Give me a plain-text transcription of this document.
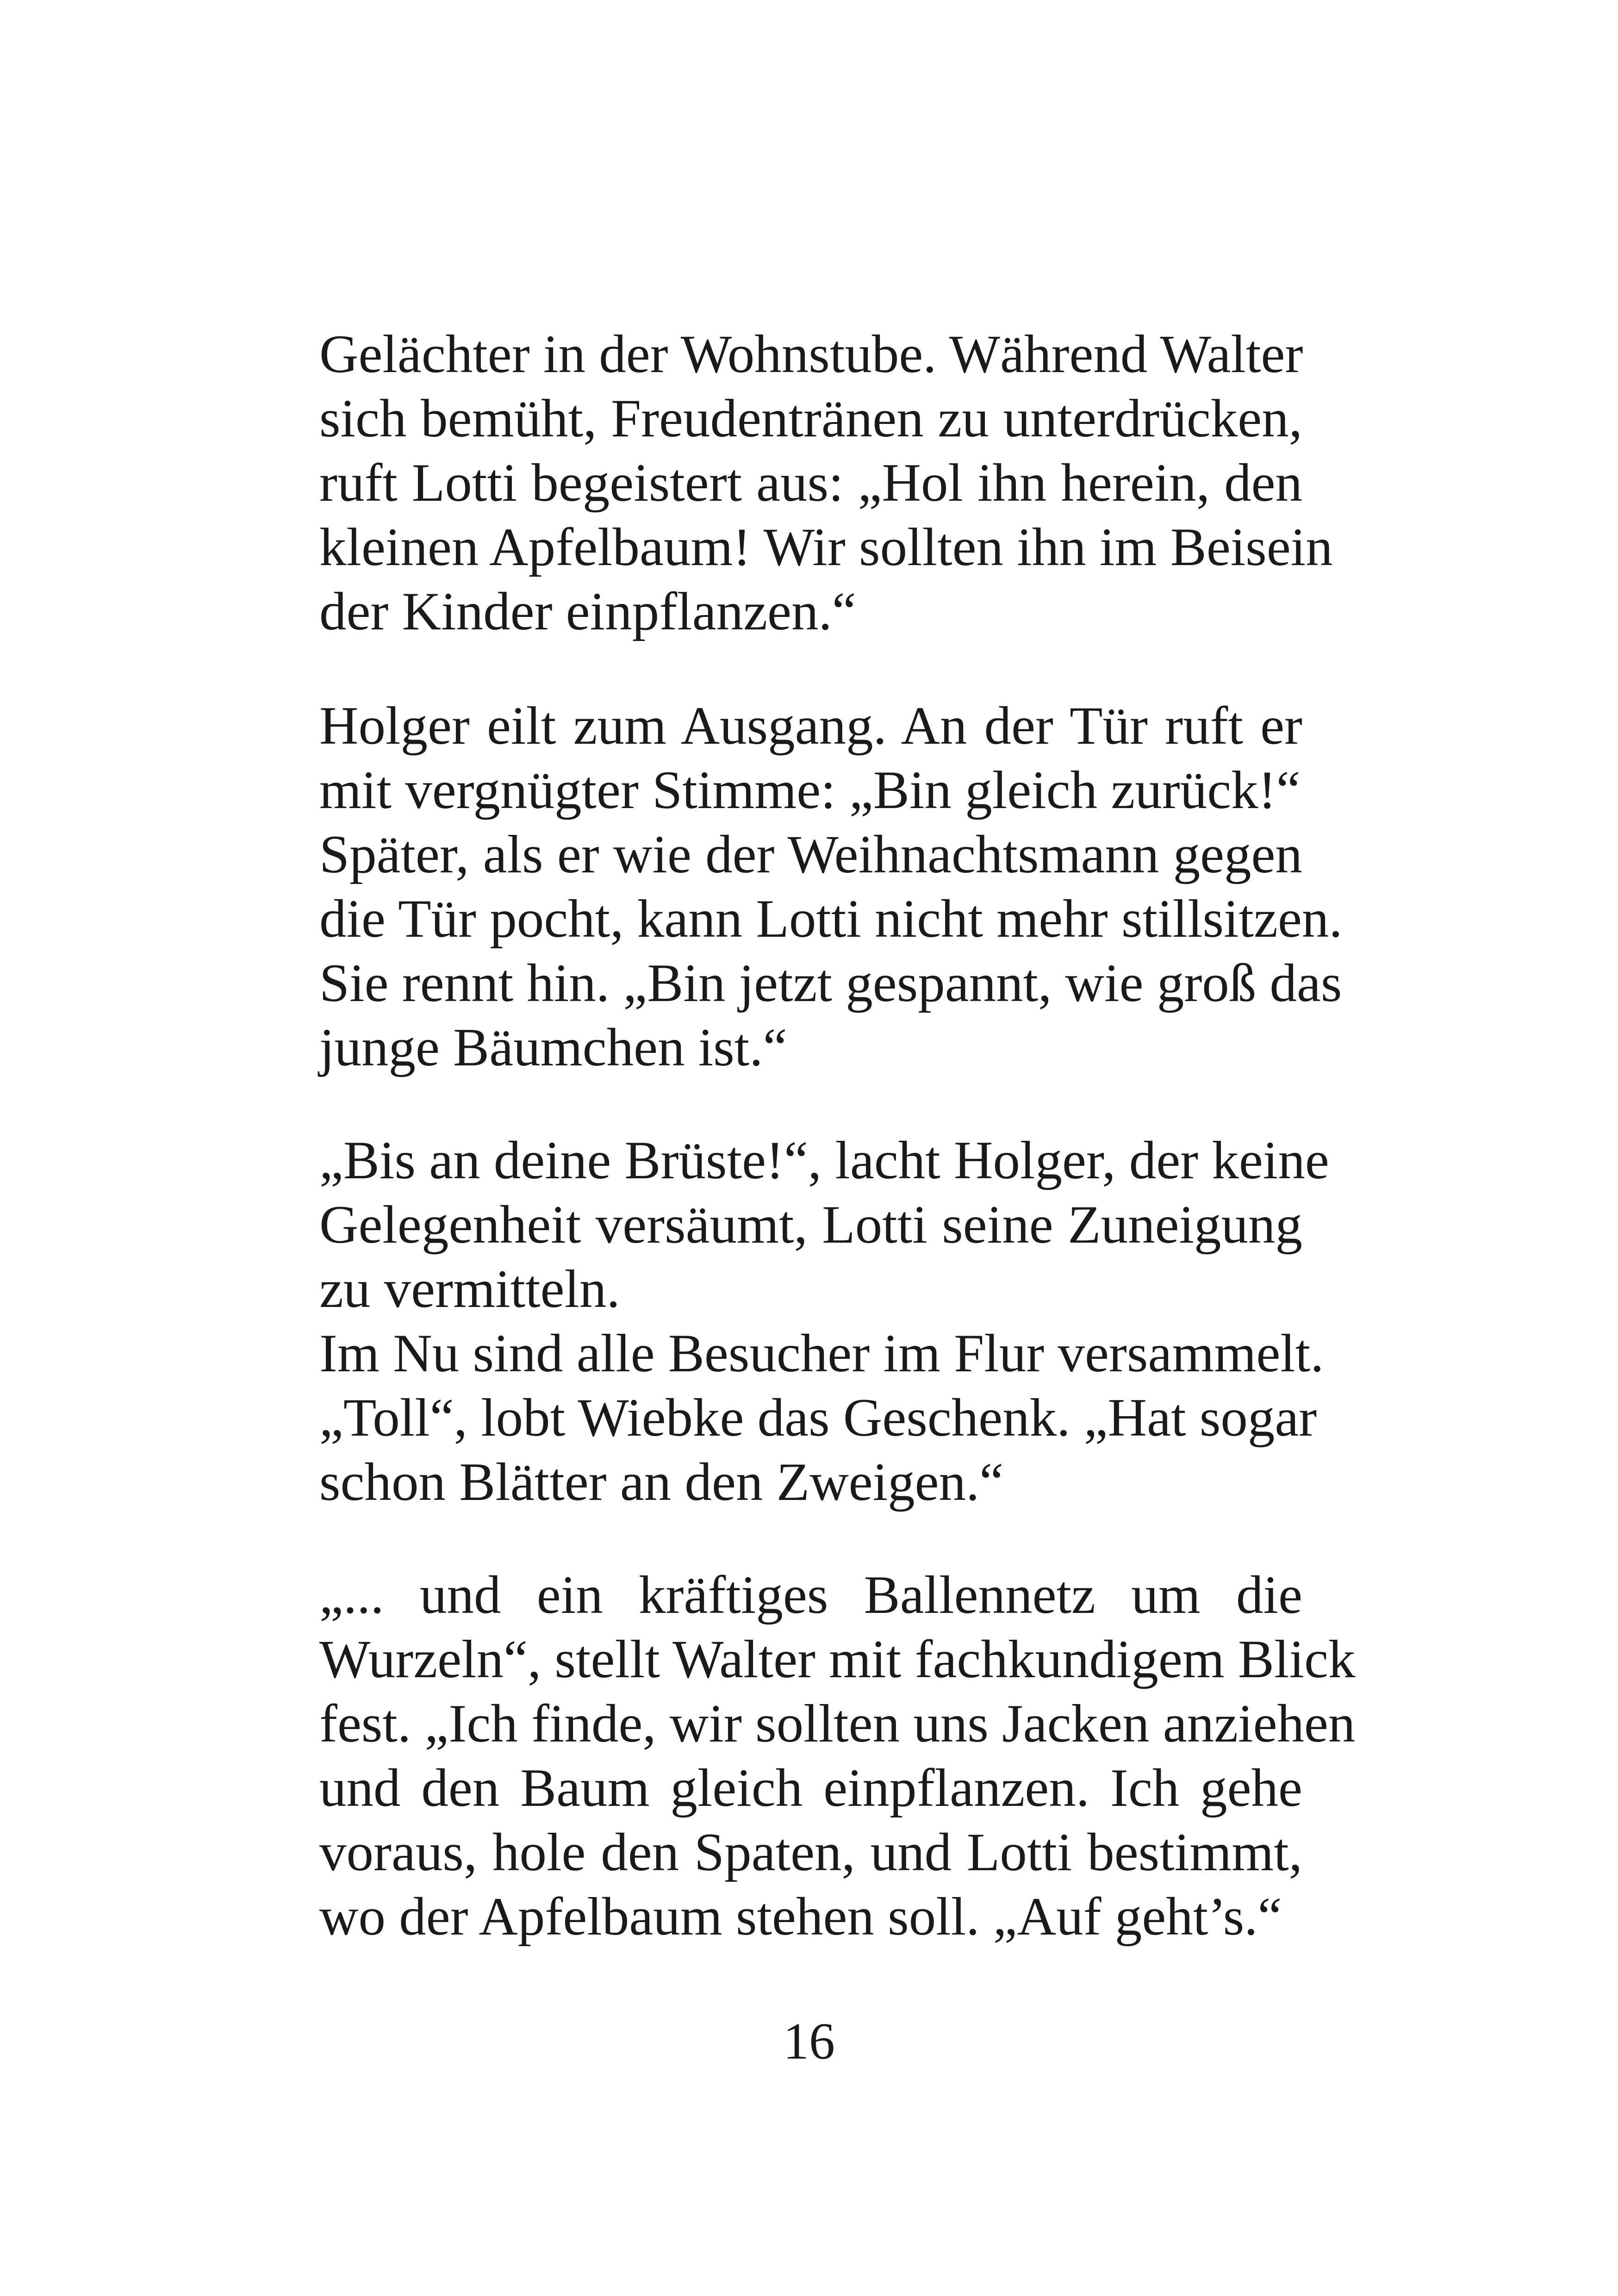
Gelächter in der Wohnstube. Während Walter
sich bemüht, Freudentränen zu unterdrücken,
ruft Lotti begeistert aus: „Hol ihn herein, den
kleinen Apfelbaum! Wir sollten ihn im Beisein
der Kinder einpflanzen.“
Holger eilt zum Ausgang. An der Tür ruft er
mit vergnügter Stimme: „Bin gleich zurück!“
Später, als er wie der Weihnachtsmann gegen
die Tür pocht, kann Lotti nicht mehr stillsitzen.
Sie rennt hin. „Bin jetzt gespannt, wie groß das
junge Bäumchen ist.“
„Bis an deine Brüste!“, lacht Holger, der keine
Gelegenheit versäumt, Lotti seine Zuneigung
zu vermitteln.
Im Nu sind alle Besucher im Flur versammelt.
„Toll“, lobt Wiebke das Geschenk. „Hat sogar
schon Blätter an den Zweigen.“
„... und ein kräftiges Ballennetz um die
Wurzeln“, stellt Walter mit fachkundigem Blick
fest. „Ich finde, wir sollten uns Jacken anziehen
und den Baum gleich einpflanzen. Ich gehe
voraus, hole den Spaten, und Lotti bestimmt,
wo der Apfelbaum stehen soll. „Auf geht’s.“
16
